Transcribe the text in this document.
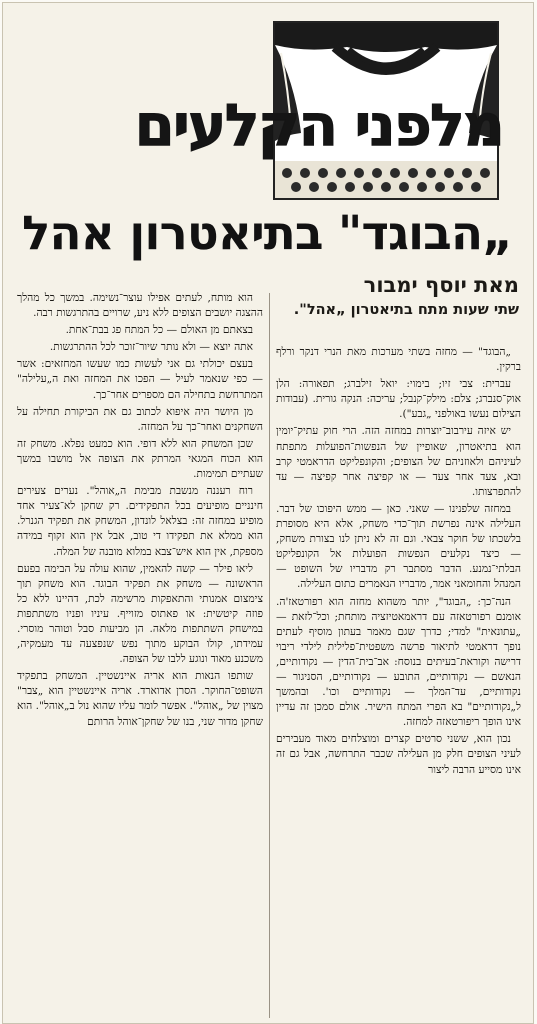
מלפני הקלעים
„הבוגד" בתיאטרון אהל
מאת יוסף ימבור
שתי שעות מתח בתיאטרון „אהל".

„הבוגד" — מחזה בשתי מערכות מאת הנרי דנקר ורלף ברקין.

עברית: צבי זיו; בימוי: יואל זילברג; תפאורה: הלן אוק־סנברג; צלם: מילק־קנבל; עריכה: הנקה גורית. (עבודות הצילום נעשו באולפני „גבע").

יש איזה עירבוב־יוצרות במחזה הזה. הרי חוק עתיק־יומין הוא בתיאטרון, שאופיין של הנפשות־הפועלות מתפתח לעיניהם ולאוזניהם של הצופים; והקונפליקט הדראמטי קרב ובא, צעד אחר צעד — או קפיצה אחר קפיצה — עד להתפרצותו.

במחזה שלפנינו — שאני. כאן — ממש היפוכו של דבר. העלילה אינה נפרשת תוך־כדי משחק, אלא היא מסופרת בלשכתו של חוקר צבאי. וגם זה לא ניתן לנו בצורת משחק, — כיצד נקלעים הנפשות הפועלות אל הקונפליקט הבלתי־נמנע. הדבר מסתבר רק מדבריו של השופט — המנהל והחומאני אמר, מדבריו הנאמרים כתום העלילה.

הנה־כך: „הבוגד", יותר משהוא מחזה הוא רפורטאז'ה. אומנם רפורטאזה עם דראמאטיזציה מותחת; וכל־לזאת — „עתונאית" למדי; כדרך שגם מאמר בעתון מוסיף לעתים נופך דראמטי לתיאור פרשה משפטית־פלילית לילדי ריבוי דרישה וקוראת־בעיתים בנוסח: אב־בית־הדין — נקודותיים, הנאשם — נקודותיים, התובע — נקודותיים, הסניגור — נקודותיים, עד־המלך — נקודותיים וכו'. ובהמשך ל„נקודותיים" בא הפרי המתח הישיר. אולם סמכן זה עדיין אינו הופך ריפורטאזה למחזה.

נכון הוא, ששני סרטים קצרים ומוצלחים מאוד מעבירים לעיני הצופים חלק מן העלילה שכבר התרחשה, אבל גם זה אינו מסייע הרבה ליצור

הוא מותח, לעתים אפילו עוצר־נשימה. במשך כל מהלך ההצגה יושבים הצופים ללא ניע, שרויים בהתרגשות רבה.

בצאתם מן האולם — כל המתח פג בבת־אחת.

אתה יוצא — ולא נותר שיור־זוכר לכל ההתרגשות.

בעצם יכולתי גם אני לעשות כמו שעשו המחזאים: אשר — כפי שנאמר לעיל — הפכו את המחזה ואת ה„עלילה" המתרחשת בתחילה הם מספרים אחר־כך.

מן היושר היה איפוא לכתוב גם את הביקורת תחילה על השחקנים ואחר־כך על המחזה.

שכן המשחק הוא ללא דופי. הוא כמעט נפלא. משחק זה הוא הכוח המגאי המרתק את הצופה אל מושבו במשך שעתיים תמימות.

רוח רעננה מנשבת מבימת ה„אוהל". נערים צעירים חינניים מופיעים בכל התפקידים. רק שחקן לא־צעיר אחד מופיע במחזה זה: בצלאל לונדון, המשחק את תפקיד הגנרל. הוא ממלא את תפקידו די טוב, אבל אין הוא זקוף במידה מספקת, אין הוא איש־צבא במלוא מובנה של המלה.

ליאו פילר — קשה להאמין, שהוא עולה על הבימה בפעם הראשונה — משחק את תפקיד הבוגד. הוא משחק תוך צימצום אמנותי והתאפקות מרשימה לכת, דהיינו ללא כל פוזה קיטשית: או פאתוס מזוייף. עיניו ופניו משתתפות במישחק השתתפות מלאה. הן מביעות סבל וטוהר מוסרי. עמידתו, קולו הבוקע מתוך נפש שנפצעה עד מעמקיה, משכנע מאוד ונוגע ללבו של הצופה.

שותפו הנאות הוא אריה איינשטיין. המשחק בתפקיד השופט־החוקר. הסרן אדוארד. אריה איינשטיין הוא „צבר" מצוין של „אוהל". אפשר לומר עליו שהוא נול ב„אוהל". הוא שחקן מדור שני, בנו של שחקן־אוהל הרותם
